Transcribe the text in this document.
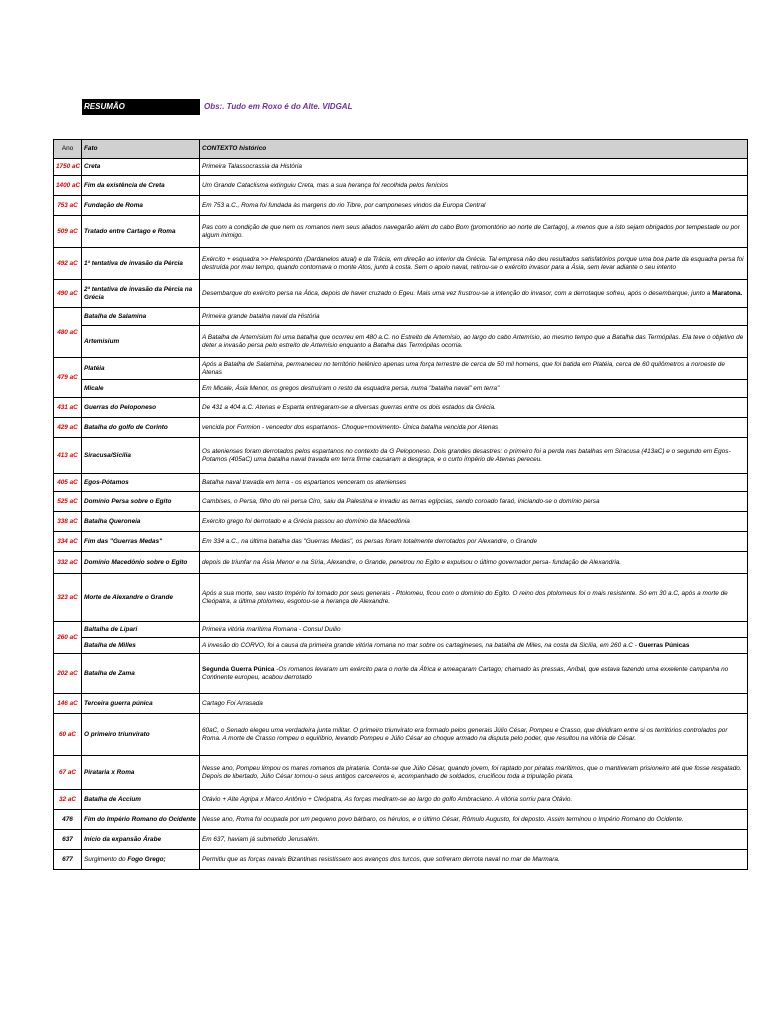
RESUMÃO	Obs:. Tudo em Roxo é do Alte. VIDGAL
Ano	Fato	CONTEXTO histórico
1750 aC	Creta	Primeira Talassocrassia da História
1400 aC	Fim da existência de Creta	Um Grande Cataclisma extinguiu Creta, mas a sua herança foi recolhida pelos fenícios
753 aC	Fundação de Roma	Em 753 a.C., Roma foi fundada às margens do rio Tibre, por camponeses vindos da Europa Central
509 aC	Tratado entre Cartago e Roma	Pas com a condição de que nem os romanos nem seus aliados navegarão além do cabo Bom (promontório ao norte de Cartago), a menos que a isto sejam obrigados por tempestade ou por algum inimigo.
492 aC	1ª tentativa de invasão da Pércia	Exército + esquadra >> Helesponto (Dardanelos atual) e da Trácia, em direção ao interior da Grécia. Tal empresa não deu resultados satisfatórios porque uma boa parte da esquadra persa foi destruída por mau tempo, quando contornava o monte Atos, junto à costa. Sem o apoio naval, retirou-se o exército invasor para a Ásia, sem levar adiante o seu intento
490 aC	2ª tentativa de invasão da Pércia na Grécia	Desembarque do exército persa na Ática, depois de haver cruzado o Egeu. Mais uma vez frustrou-se a intenção do invasor, com a derrotaque sofreu, após o desembarque, junto a Maratona.
480 aC	Batalha de Salamina	Primeira grande batalha naval da História
	Artemisium	A Batalha de Artemísium foi uma batalha que ocorreu em 480 a.C. no Estreito de Artemísio, ao largo do cabo Artemísio, ao mesmo tempo que a Batalha das Termópilas. Ela teve o objetivo de deter a invasão persa pelo estreito de Artemísio enquanto a Batalha das Termópilas ocorria.
479 aC	Platéia	Após a Batalha de Salamina, permaneceu no território helênico apenas uma força terrestre de cerca de 50 mil homens, que foi batida em Platéia, cerca de 60 quilômetros a noroeste de Atenas
	Micale	Em Micale, Ásia Menor, os gregos destruíram o resto da esquadra persa, numa "batalha naval" em terra"
431 aC	Guerras do Peloponeso	De 431 a 404 a.C. Atenas e Esparta entregaram-se a diversas guerras entre os dois estados da Grécia.
429 aC	Batalha do golfo de Corinto	vencida por Formion - vencedor dos espartanos- Choque+movimento- Única batalha vencida por Atenas
413 aC	Siracusa/Sicília	Os atenienses foram derrotados pelos espartanos no contexto da G Peloponeso. Dois grandes desastres: o primeiro foi a perda nas batalhas em Siracusa (413aC) e o segundo em Egos-Potamos (405aC) uma batalha naval travada em terra firme causaram a desgraça, e o curto império de Atenas pereceu.
405 aC	Egos-Pótamos	Batalha naval travada em terra - os espartanos venceram os atenienses
525 aC	Domínio Persa sobre o Egito	Cambises, o Persa, filho do rei persa Ciro, saiu da Palestina e invadiu as terras egípcias, sendo coroado faraó, iniciando-se o domínio persa
338 aC	Batalha Queroneia	Exército grego foi derrotado e a Grécia passou ao domínio da Macedônia
334 aC	Fim das "Guerras Medas"	Em 334 a.C., na última batalha das "Guerras Medas", os persas foram totalmente derrotados por Alexandre, o Grande
332 aC	Domínio Macedônio sobre o Egito	depois de triunfar na Ásia Menor e na Síria, Alexandre, o Grande, penetrou no Egito e expulsou o último governador persa- fundação de Alexandria.
323 aC	Morte de Alexandre o Grande	Após a sua morte, seu vasto Império foi tomado por seus generais - Ptolomeu, ficou com o domínio do Egito. O reino dos ptolomeus foi o mais resistente. Só em 30 a.C, após a morte de Cleópatra, a última ptolomeu, esgotou-se a herança de Alexandre.
260 aC	Baltalha de Lipari	Primeira vitória marítima Romana - Consul Duilio
	Batalha de Milles	A invesão do CORVO, foi a causa da primeira grande vitória romana no mar sobre os cartagineses, na batalha de Miles, na costa da Sicília, em 260 a.C - Guerras Púnicas
202 aC	Batalha de Zama	Segunda Guerra Púnica -Os romanos levaram um exército para o norte da África e ameaçaram Cartago; chamado às pressas, Aníbal, que estava fazendo uma exxelente campanha no Continente europeu, acabou derrotado
146 aC	Terceira guerra púnica	Cartago Foi Arrasada
60 aC	O primeiro triunvirato	60aC, o Senado elegeu uma verdadeira junta militar. O primeiro triunvirato era formado pelos generais Júlio César, Pompeu e Crasso, que dividiram entre si os territórios controlados por Roma. A morte de Crasso rompeu o equilíbrio, levando Pompeu e Júlio César ao choque armado na disputa pelo poder, que resultou na vitória de César.
67 aC	Pirataria x Roma	Nesse ano, Pompeu limpou os mares romanos da pirataria. Conta-se que Júlio César, quando jovem, foi raptado por piratas marítimos, que o mantiveram prisioneiro até que fosse resgatado. Depois de libertado, Júlio César tornou-o seus antigos carcereiros e, acompanhado de soldados, crucificou toda a tripulação pirata.
32 aC	Batalha de Accium	Otávio + Alte Agripa x Marco Antônio + Cleópatra, As forças mediram-se ao largo do golfo Ambraciano. A vitória sorriu para Otávio.
476	Fim do Império Romano do Ocidente	Nesse ano, Roma foi ocupada por um pequeno povo bárbaro, os hérulos, e o último César, Rômulo Augusto, foi deposto. Assim terminou o Império Romano do Ocidente.
637	Início da expansão Árabe	Em 637, haviam já submetido Jerusalém.
677	Surgimento do Fogo Grego;	Permitiu que as forças navais Bizantinas resistissem aos avanços dos turcos, que sofreram derrota naval no mar de Marmara.
